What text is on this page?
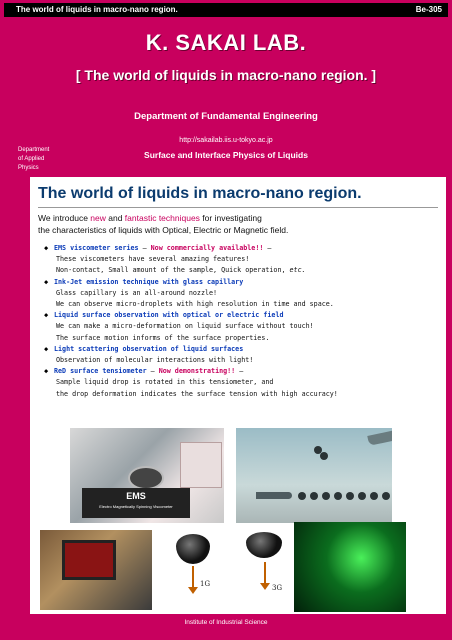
The world of liquids in macro-nano region.	Be-305
K. SAKAI LAB.
[ The world of liquids in macro-nano region. ]
Department of Fundamental Engineering
http://sakailab.iis.u-tokyo.ac.jp
Surface and Interface Physics of Liquids
Department
of Applied
Physics
The world of liquids in macro-nano region.
We introduce new and fantastic techniques for investigating
the characteristics of liquids with Optical, Electric or Magnetic field.
◆ EMS viscometer series – Now commercially available!! –
These viscometers have several amazing features!
Non-contact, Small amount of the sample, Quick operation, etc.
◆ Ink-Jet emission technique with glass capillary
Glass capillary is an all-around nozzle!
We can observe micro-droplets with high resolution in time and space.
◆ Liquid surface observation with optical or electric field
We can make a micro-deformation on liquid surface without touch!
The surface motion informs of the surface properties.
◆ Light scattering observation of liquid surfaces
Observation of molecular interactions with light!
◆ ReD surface tensiometer – Now demonstrating!! –
Sample liquid drop is rotated in this tensiometer, and
the drop deformation indicates the surface tension with high accuracy!
EMS
Electro Magnetically Spinning Viscometer
1G	3G
Institute of Industrial Science
